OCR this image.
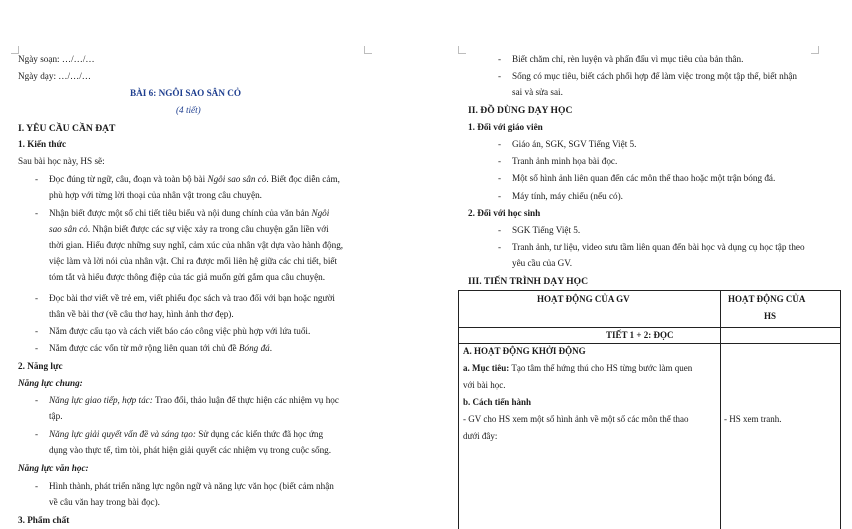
Ngày soạn: …/…/…
Ngày dạy: …/…/…
BÀI 6: NGÔI SAO SÂN CỎ
(4 tiết)
I. YÊU CẦU CẦN ĐẠT
1. Kiến thức
Sau bài học này, HS sẽ:
- Đọc đúng từ ngữ, câu, đoạn và toàn bộ bài Ngôi sao sân cỏ. Biết đọc diễn cảm,
phù hợp với từng lời thoại của nhân vật trong câu chuyện.
- Nhận biết được một số chi tiết tiêu biểu và nội dung chính của văn bản Ngôi
sao sân cỏ. Nhận biết được các sự việc xảy ra trong câu chuyện gắn liền với
thời gian. Hiểu được những suy nghĩ, cảm xúc của nhân vật dựa vào hành động,
việc làm và lời nói của nhân vật. Chỉ ra được mối liên hệ giữa các chi tiết, biết
tóm tắt và hiểu được thông điệp của tác giả muốn gửi gắm qua câu chuyện.
- Đọc bài thơ viết về trẻ em, viết phiếu đọc sách và trao đổi với bạn hoặc người
thân về bài thơ (về câu thơ hay, hình ảnh thơ đẹp).
- Nắm được cấu tạo và cách viết báo cáo công việc phù hợp với lứa tuổi.
- Nắm được các vốn từ mở rộng liên quan tới chủ đề Bóng đá.
2. Năng lực
Năng lực chung:
- Năng lực giao tiếp, hợp tác: Trao đổi, thảo luận để thực hiện các nhiệm vụ học
tập.
- Năng lực giải quyết vấn đề và sáng tạo: Sử dụng các kiến thức đã học ứng
dụng vào thực tế, tìm tòi, phát hiện giải quyết các nhiệm vụ trong cuộc sống.
Năng lực văn học:
- Hình thành, phát triển năng lực ngôn ngữ và năng lực văn học (biết cảm nhận
về câu văn hay trong bài đọc).
3. Phẩm chất
- Biết chăm chỉ, rèn luyện và phấn đấu vì mục tiêu của bản thân.
- Sống có mục tiêu, biết cách phối hợp để làm việc trong một tập thể, biết nhận
sai và sửa sai.
II. ĐỒ DÙNG DẠY HỌC
1. Đối với giáo viên
- Giáo án, SGK, SGV Tiếng Việt 5.
- Tranh ảnh minh họa bài đọc.
- Một số hình ảnh liên quan đến các môn thể thao hoặc một trận bóng đá.
- Máy tính, máy chiếu (nếu có).
2. Đối với học sinh
- SGK Tiếng Việt 5.
- Tranh ảnh, tư liệu, video sưu tầm liên quan đến bài học và dụng cụ học tập theo
yêu cầu của GV.
III. TIẾN TRÌNH DẠY HỌC
HOẠT ĐỘNG CỦA GV	HOẠT ĐỘNG CỦA
HS
TIẾT 1 + 2: ĐỌC
A. HOẠT ĐỘNG KHỞI ĐỘNG
a. Mục tiêu: Tạo tâm thế hứng thú cho HS từng bước làm quen
với bài học.
b. Cách tiến hành
- GV cho HS xem một số hình ảnh về một số các môn thể thao
dưới đây:
- HS xem tranh.
